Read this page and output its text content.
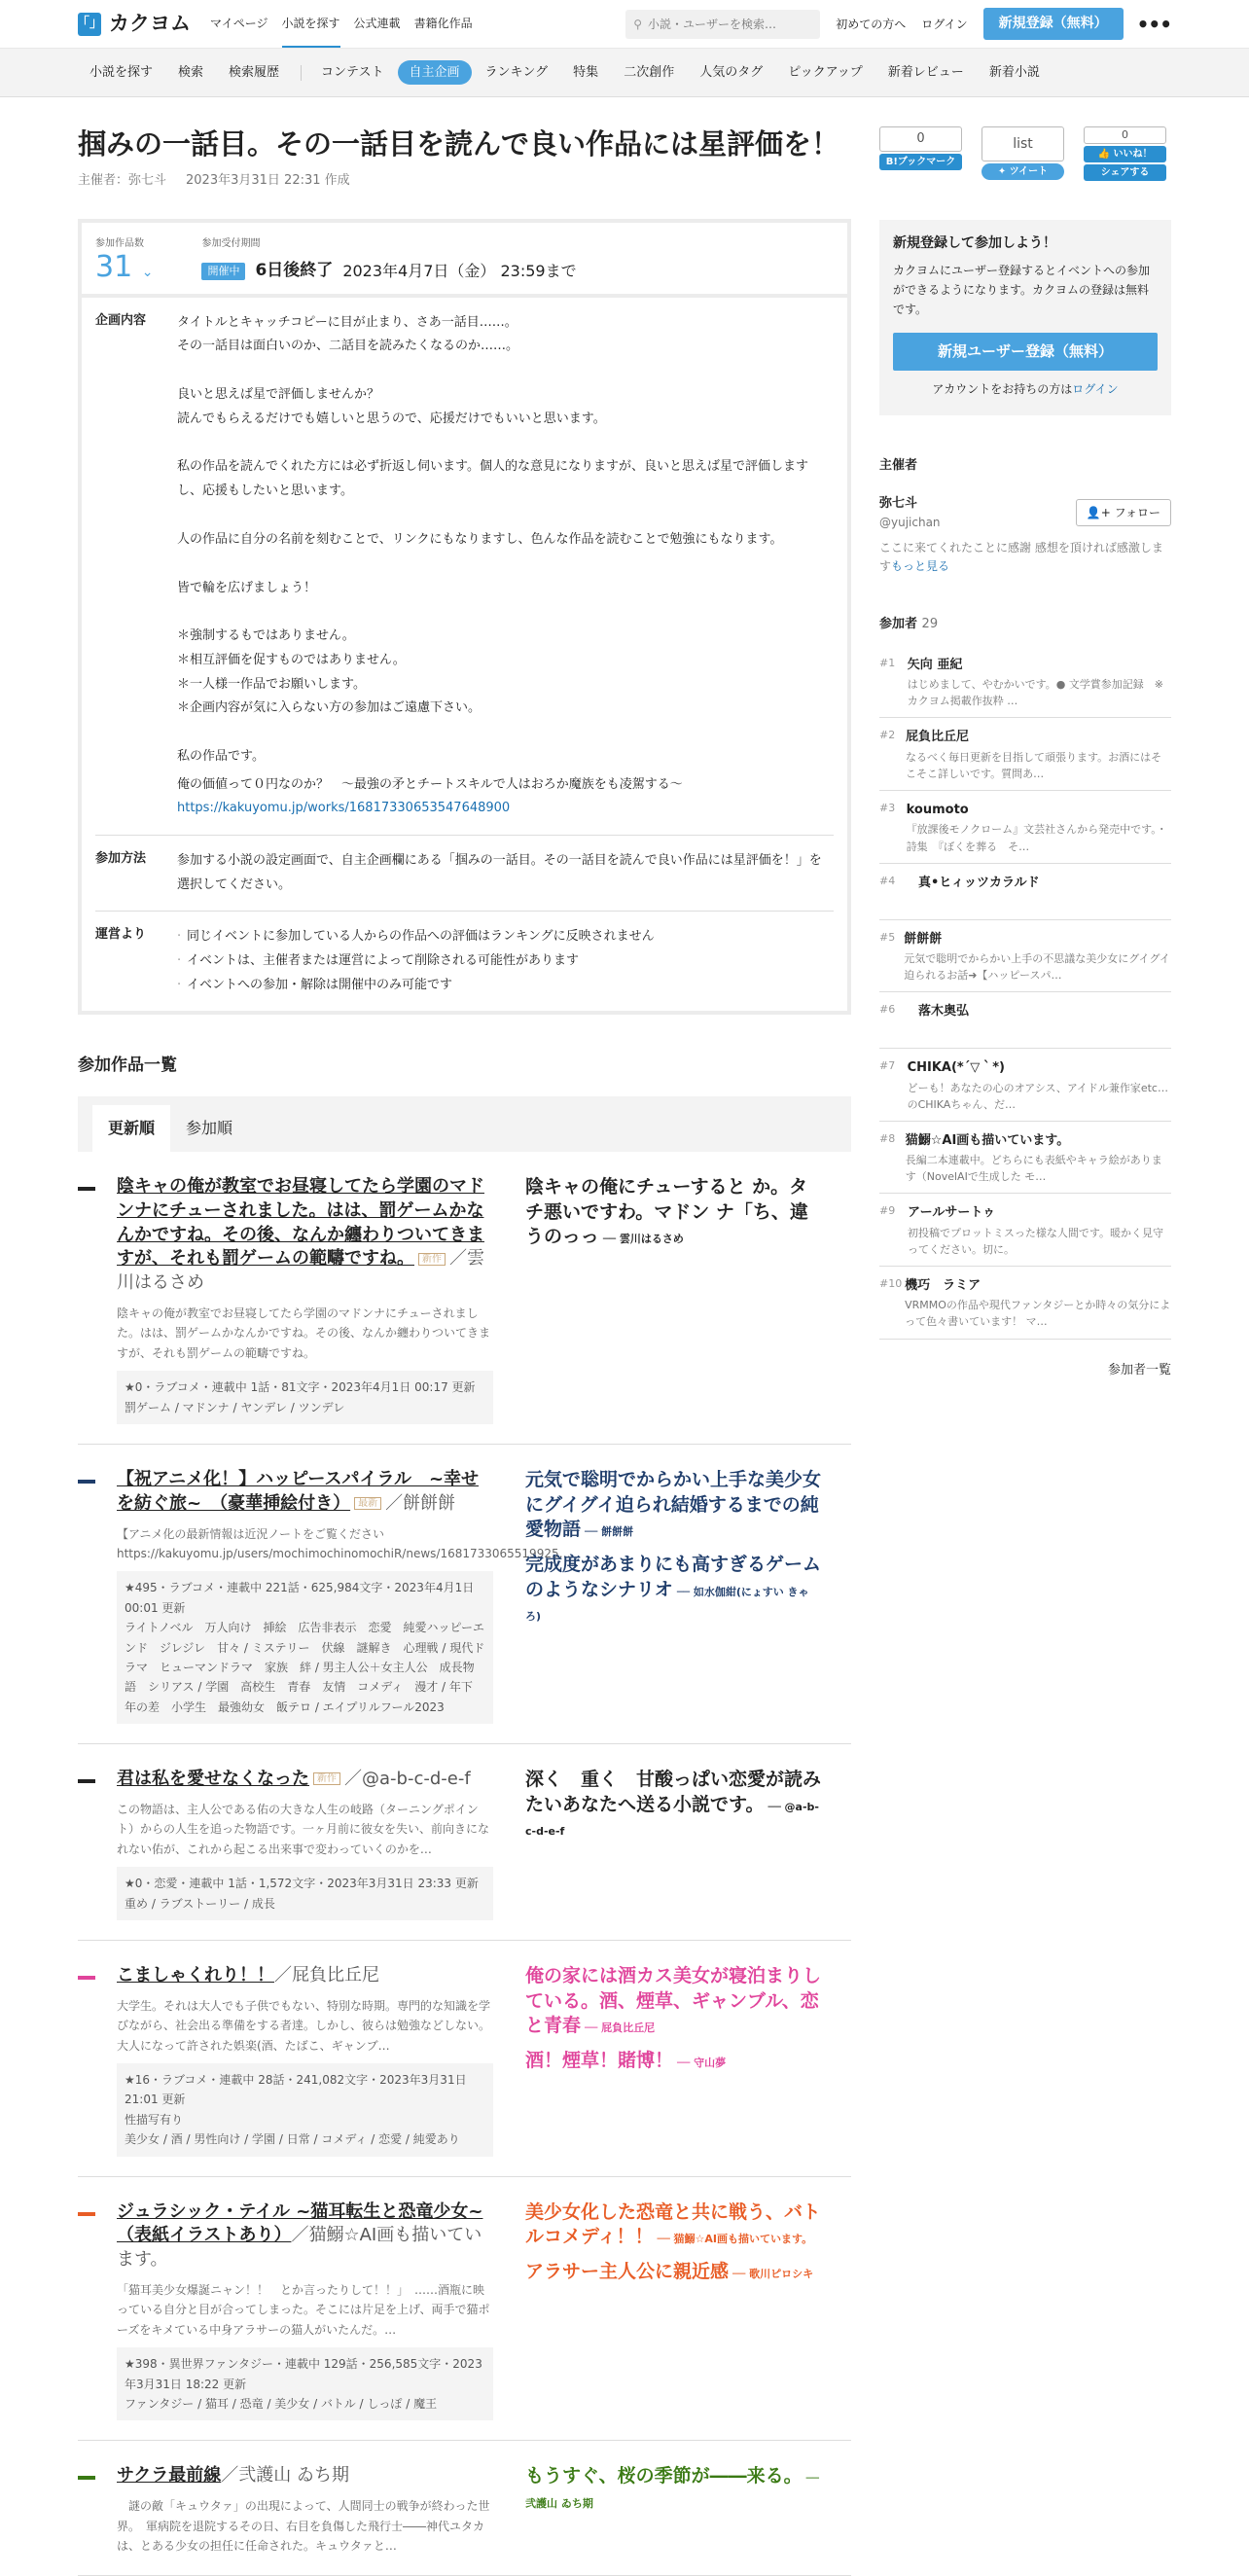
「」 カクヨム マイページ 小説を探す 公式連載 書籍化作品	⚲
小説・ユーザーを検索…	初めての方へ ログイン	新規登録（無料）	•••
小説を探す	検索	検索履歴	コンテスト	自主企画	ランキング	特集	二次創作	人気のタグ	ピックアップ	新着レビュー	新着小説
掴みの一話目。その一話目を読んで良い作品には星評価を！
主催者：弥七斗 2023年3月31日 22:31 作成
参加作品数
31 ⌄
参加受付期間
開催中 6日後終了 2023年4月7日（金） 23:59まで
企画内容	タイトルとキャッチコピーに目が止まり、さあ一話目……。
その一話目は面白いのか、二話目を読みたくなるのか……。
良いと思えば星で評価しませんか？
読んでもらえるだけでも嬉しいと思うので、応援だけでもいいと思います。
私の作品を読んでくれた方には必ず折返し伺います。個人的な意見になりますが、良いと思えば星で評価しますし、応援もしたいと思います。
人の作品に自分の名前を刻むことで、リンクにもなりますし、色んな作品を読むことで勉強にもなります。
皆で輪を広げましょう！
＊強制するもではありません。
＊相互評価を促すものではありません。
＊一人様一作品でお願いします。
＊企画内容が気に入らない方の参加はご遠慮下さい。
私の作品です。
俺の価値って０円なのか？　〜最強の矛とチートスキルで人はおろか魔族をも凌駕する〜
https://kakuyomu.jp/works/16817330653547648900
参加方法	参加する小説の設定画面で、自主企画欄にある「掴みの一話目。その一話目を読んで良い作品には星評価を！」を選択してください。
運営より
·	同じイベントに参加している人からの作品への評価はランキングに反映されません
· イベントは、主催者または運営によって削除される可能性があります
· イベントへの参加・解除は開催中のみ可能です
参加作品一覧
更新順	参加順
陰キャの俺が教室でお昼寝してたら学園のマドンナにチューされました。はは、罰ゲームかなんかですね。その後、なんか纏わりついてきますが、それも罰ゲームの範疇ですね。 新作 ／雲川はるさめ
陰キャの俺が教室でお昼寝してたら学園のマドンナにチューされました。はは、罰ゲームかなんかですね。その後、なんか纏わりついてきますが、それも罰ゲームの範疇ですね。
★0・ラブコメ・連載中 1話・81文字・2023年4月1日 00:17 更新
罰ゲーム / マドンナ / ヤンデレ / ツンデレ
陰キャの俺にチューすると か。タチ悪いですわ。マドン ナ「ち、違うのっっ ── 雲川はるさめ
【祝アニメ化！】ハッピースパイラル　~幸せを紡ぐ旅~　（豪華挿絵付き） 最新 ／餅餅餅
【アニメ化の最新情報は近況ノートをご覧ください https://kakuyomu.jp/users/mochimochinomochiR/news/1681733065519925…
★495・ラブコメ・連載中 221話・625,984文字・2023年4月1日 00:01 更新
ライトノベル　万人向け　挿絵　広告非表示　恋愛　純愛ハッピーエンド　ジレジレ　甘々 / ミステリー　伏線　謎解き　心理戦 / 現代ドラマ　ヒューマンドラマ　家族　絆 / 男主人公＋女主人公　成長物語　シリアス / 学園　高校生　青春　友情　コメディ　漫才 / 年下　年の差　小学生　最強幼女　飯テロ / エイプリルフール2023
元気で聡明でからかい上手な美少女にグイグイ迫られ結婚するまでの純愛物語 ── 餅餅餅
完成度があまりにも高すぎるゲームのようなシナリオ ── 如水伽紺(にょすい きゃろ)
君は私を愛せなくなった 新作 ／@a-b-c-d-e-f
この物語は、主人公である佑の大きな人生の岐路（ターニングポイント）からの人生を追った物語です。一ヶ月前に彼女を失い、前向きになれない佑が、これから起こる出来事で変わっていくのかを…
★0・恋愛・連載中 1話・1,572文字・2023年3月31日 23:33 更新
重め / ラブストーリー / 成長
深く　重く　甘酸っぱい恋愛が読みたいあなたへ送る小説です。 ── @a-b-c-d-e-f
こましゃくれり！！／屁負比丘尼
大学生。それは大人でも子供でもない、特別な時期。専門的な知識を学びながら、社会出る準備をする者達。しかし、彼らは勉強などしない。大人になって許された娯楽(酒、たばこ、ギャンブ…
★16・ラブコメ・連載中 28話・241,082文字・2023年3月31日 21:01 更新
性描写有り
美少女 / 酒 / 男性向け / 学園 / 日常 / コメディ / 恋愛 / 純愛あり
俺の家には酒カス美女が寝泊まりしている。酒、煙草、ギャンブル、恋と青春 ── 屁負比丘尼
酒！煙草！賭博！ ── 守山夢
ジュラシック・テイル ~猫耳転生と恐竜少女~（表紙イラストあり）／猫鰯☆AI画も描いています。
「猫耳美少女爆誕ニャン！！　とか言ったりして！！」　……酒瓶に映っている自分と目が合ってしまった。そこには片足を上げ、両手で猫ポーズをキメている中身アラサーの猫人がいたんだ。…
★398・異世界ファンタジー・連載中 129話・256,585文字・2023年3月31日 18:22 更新
ファンタジー / 猫耳 / 恐竜 / 美少女 / バトル / しっぽ / 魔王
美少女化した恐竜と共に戦う、バトルコメディ！！ ── 猫鰯☆AI画も描いています。
アラサー主人公に親近感 ── 歌川ピロシキ
サクラ最前線／弐護山 ゐち期
　謎の敵「キュウタァ」の出現によって、人間同士の戦争が終わった世界。　軍病院を退院するその日、右目を負傷した飛行士――神代ユタカは、とある少女の担任に任命された。キュウタァと…
もうすぐ、桜の季節が――来る。 ── 弐護山 ゐち期
0
B!ブックマーク
list
✦ ツイート
0
👍 いいね！
シェアする
新規登録して参加しよう！

カクヨムにユーザー登録するとイベントへの参加ができるようになります。カクヨムの登録は無料です。

新規ユーザー登録（無料）
アカウントをお持ちの方はログイン
主催者
弥七斗
@yujichan
👤+ フォロー
ここに来てくれたことに感謝 感想を頂ければ感激しますもっと見る
参加者 29
#1 矢向 亜紀
はじめまして、やむかいです。● 文学賞参加記録　※カクヨム掲載作抜粋 …
#2 屁負比丘尼
なるべく毎日更新を目指して頑張ります。お酒にはそこそこ詳しいです。質問あ…
#3 koumoto
『放課後モノクローム』文芸社さんから発売中です。・詩集　『ぼくを葬る　そ…
#4	真•ヒィッツカラルド
#5 餅餅餅
元気で聡明でからかい上手の不思議な美少女にグイグイ迫られるお話➜【ハッピースパ…
#6	落木奥弘
#7 CHIKA(*´▽｀*)
どーも！あなたの心のオアシス、アイドル兼作家etc…のCHIKAちゃん、だ…
#8 猫鰯☆AI画も描いています。
長編二本連載中。どちらにも表紙やキャラ絵があります（NovelAIで生成した モ…
#9 アールサートゥ
初投稿でプロットミスった様な人間です。暖かく見守ってください。切に。
#10 機巧　ラミア
VRMMOの作品や現代ファンタジーとか時々の気分によって色々書いています！ マ…
参加者一覧
